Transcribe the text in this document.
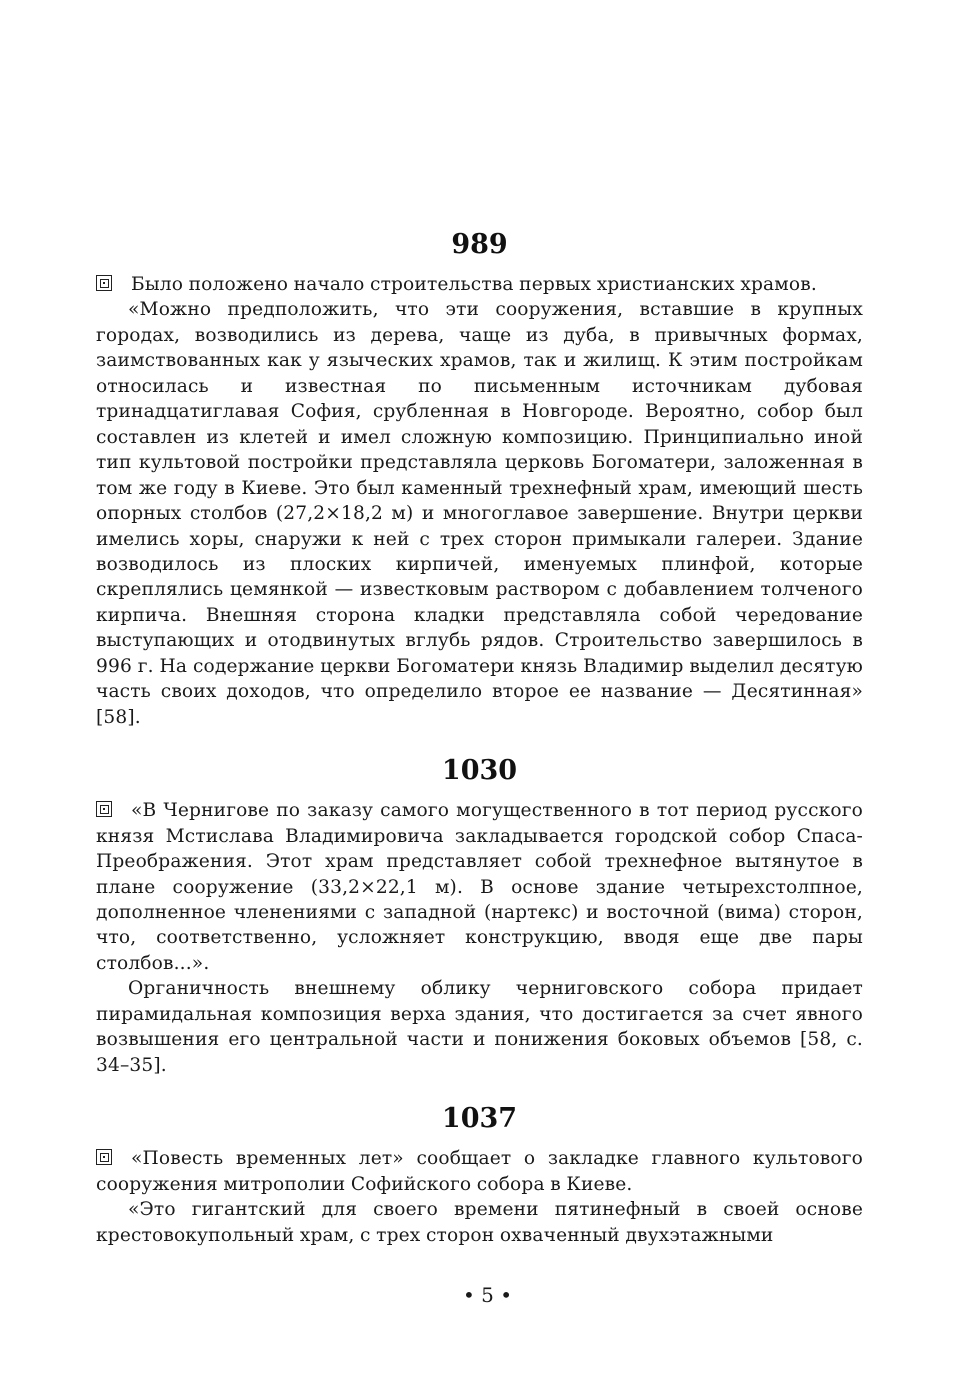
989

Было положено начало строительства первых христианских храмов.

«Можно предположить, что эти сооружения, вставшие в крупных городах, возводились из дерева, чаще из дуба, в привычных формах, заимствованных как у языческих храмов, так и жилищ. К этим постройкам относилась и известная по письменным источникам дубовая тринадцатиглавая София, срубленная в Новгороде. Вероятно, собор был составлен из клетей и имел сложную композицию. Принципиально иной тип культовой постройки представляла церковь Богоматери, заложенная в том же году в Киеве. Это был каменный трехнефный храм, имеющий шесть опорных столбов (27,2×18,2 м) и многоглавое завершение. Внутри церкви имелись хоры, снаружи к ней с трех сторон примыкали галереи. Здание возводилось из плоских кирпичей, именуемых плинфой, которые скреплялись цемянкой — известковым раствором с добавлением толченого кирпича. Внешняя сторона кладки представляла собой чередование выступающих и отодвинутых вглубь рядов. Строительство завершилось в 996 г. На содержание церкви Богоматери князь Владимир выделил десятую часть своих доходов, что определило второе ее название — Десятинная» [58].

1030

«В Чернигове по заказу самого могущественного в тот период русского князя Мстислава Владимировича закладывается городской собор Спаса-Преображения. Этот храм представляет собой трехнефное вытянутое в плане сооружение (33,2×22,1 м). В основе здание четырехстолпное, дополненное членениями с западной (нартекс) и восточной (вима) сторон, что, соответственно, усложняет конструкцию, вводя еще две пары столбов...».

Органичность внешнему облику черниговского собора придает пирамидальная композиция верха здания, что достигается за счет явного возвышения его центральной части и понижения боковых объемов [58, с. 34–35].

1037

«Повесть временных лет» сообщает о закладке главного культового сооружения митрополии Софийского собора в Киеве.

«Это гигантский для своего времени пятинефный в своей основе крестовокупольный храм, с трех сторон охваченный двухэтажными

• 5 •
